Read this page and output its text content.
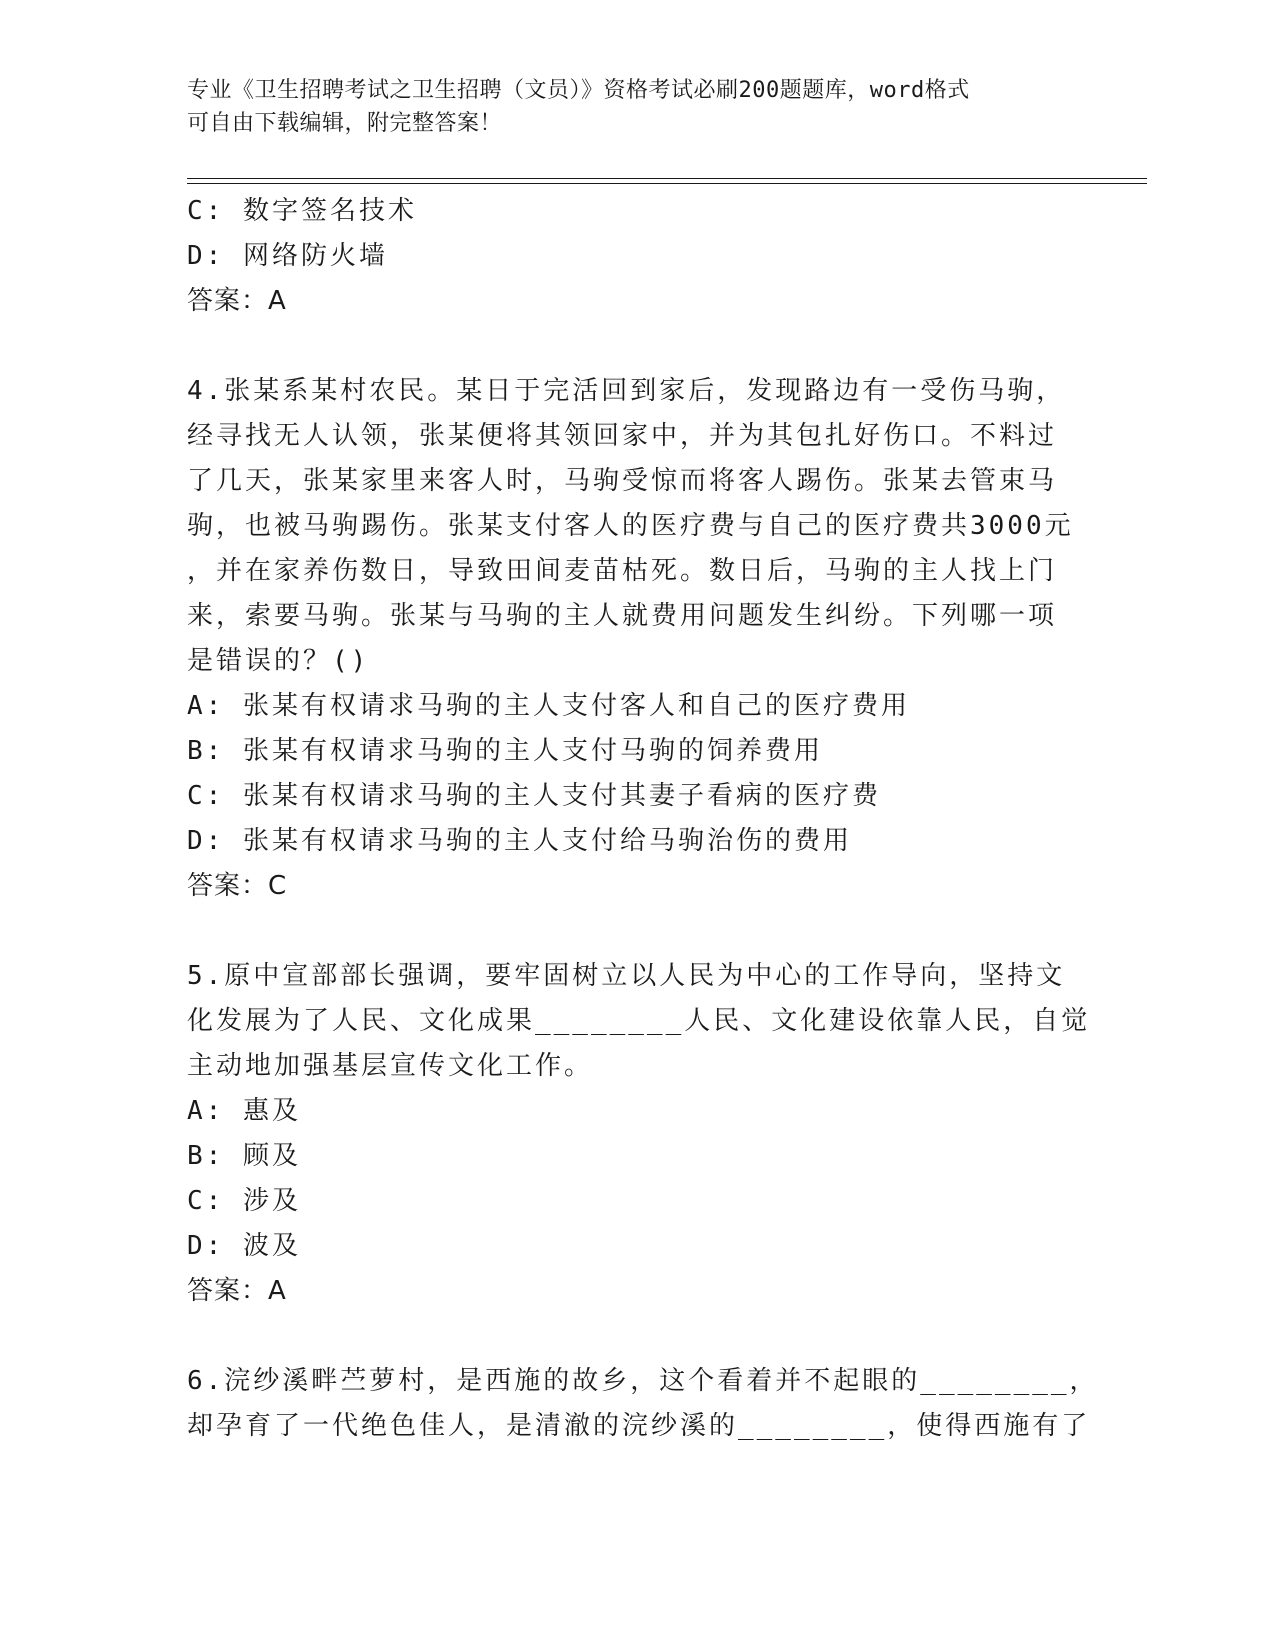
专业《卫生招聘考试之卫生招聘（文员）》资格考试必刷200题题库，word格式
可自由下载编辑，附完整答案！
C: 数字签名技术
D: 网络防火墙
答案：A
4.张某系某村农民。某日于完活回到家后，发现路边有一受伤马驹，
经寻找无人认领，张某便将其领回家中，并为其包扎好伤口。不料过
了几天，张某家里来客人时，马驹受惊而将客人踢伤。张某去管束马
驹，也被马驹踢伤。张某支付客人的医疗费与自己的医疗费共3000元
，并在家养伤数日，导致田间麦苗枯死。数日后，马驹的主人找上门
来，索要马驹。张某与马驹的主人就费用问题发生纠纷。下列哪一项
是错误的？()
A: 张某有权请求马驹的主人支付客人和自己的医疗费用
B: 张某有权请求马驹的主人支付马驹的饲养费用
C: 张某有权请求马驹的主人支付其妻子看病的医疗费
D: 张某有权请求马驹的主人支付给马驹治伤的费用
答案：C
5.原中宣部部长强调，要牢固树立以人民为中心的工作导向，坚持文
化发展为了人民、文化成果________人民、文化建设依靠人民，自觉
主动地加强基层宣传文化工作。
A: 惠及
B: 顾及
C: 涉及
D: 波及
答案：A
6.浣纱溪畔苎萝村，是西施的故乡，这个看着并不起眼的________，
却孕育了一代绝色佳人，是清澈的浣纱溪的________，使得西施有了
